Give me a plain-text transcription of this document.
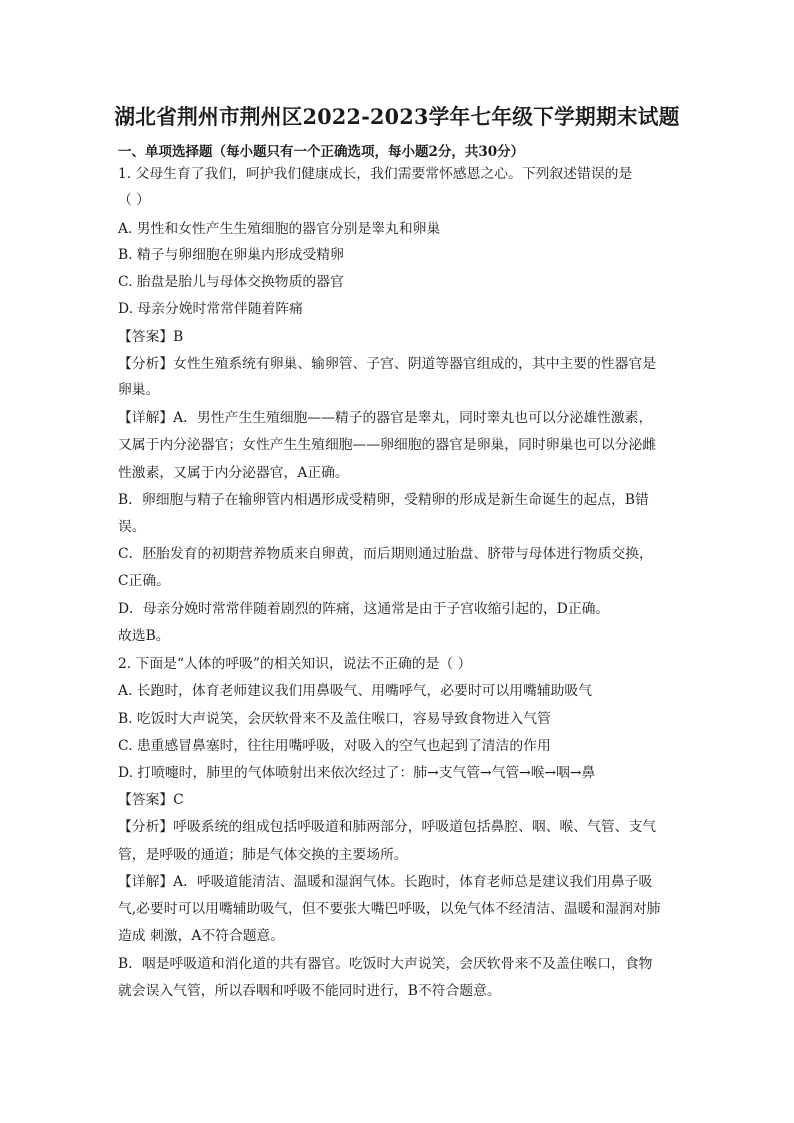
湖北省荆州市荆州区2022-2023学年七年级下学期期末试题
一、单项选择题（每小题只有一个正确选项，每小题2分，共30分）
1. 父母生育了我们，呵护我们健康成长，我们需要常怀感恩之心。下列叙述错误的是
（ ）
A. 男性和女性产生生殖细胞的器官分别是睾丸和卵巢
B. 精子与卵细胞在卵巢内形成受精卵
C. 胎盘是胎儿与母体交换物质的器官
D. 母亲分娩时常常伴随着阵痛
【答案】B
【分析】女性生殖系统有卵巢、输卵管、子宫、阴道等器官组成的，其中主要的性器官是
卵巢。
【详解】A．男性产生生殖细胞——精子的器官是睾丸，同时睾丸也可以分泌雄性激素，
又属于内分泌器官；女性产生生殖细胞——卵细胞的器官是卵巢，同时卵巢也可以分泌雌
性激素，又属于内分泌器官，A正确。
B．卵细胞与精子在输卵管内相遇形成受精卵，受精卵的形成是新生命诞生的起点，B错
误。
C．胚胎发育的初期营养物质来自卵黄，而后期则通过胎盘、脐带与母体进行物质交换，
C正确。
D．母亲分娩时常常伴随着剧烈的阵痛，这通常是由于子宫收缩引起的，D正确。
故选B。
2. 下面是“人体的呼吸”的相关知识，说法不正确的是（ ）
A. 长跑时，体育老师建议我们用鼻吸气、用嘴呼气，必要时可以用嘴辅助吸气
B. 吃饭时大声说笑，会厌软骨来不及盖住喉口，容易导致食物进入气管
C. 患重感冒鼻塞时，往往用嘴呼吸，对吸入的空气也起到了清洁的作用
D. 打喷嚏时，肺里的气体喷射出来依次经过了：肺→支气管→气管→喉→咽→鼻
【答案】C
【分析】呼吸系统的组成包括呼吸道和肺两部分，呼吸道包括鼻腔、咽、喉、气管、支气
管，是呼吸的通道；肺是气体交换的主要场所。
【详解】A．呼吸道能清洁、温暖和湿润气体。长跑时，体育老师总是建议我们用鼻子吸
气,必要时可以用嘴辅助吸气，但不要张大嘴巴呼吸，以免气体不经清洁、温暖和湿润对肺
造成 刺激，A不符合题意。
B．咽是呼吸道和消化道的共有器官。吃饭时大声说笑，会厌软骨来不及盖住喉口，食物
就会误入气管，所以吞咽和呼吸不能同时进行，B不符合题意。
